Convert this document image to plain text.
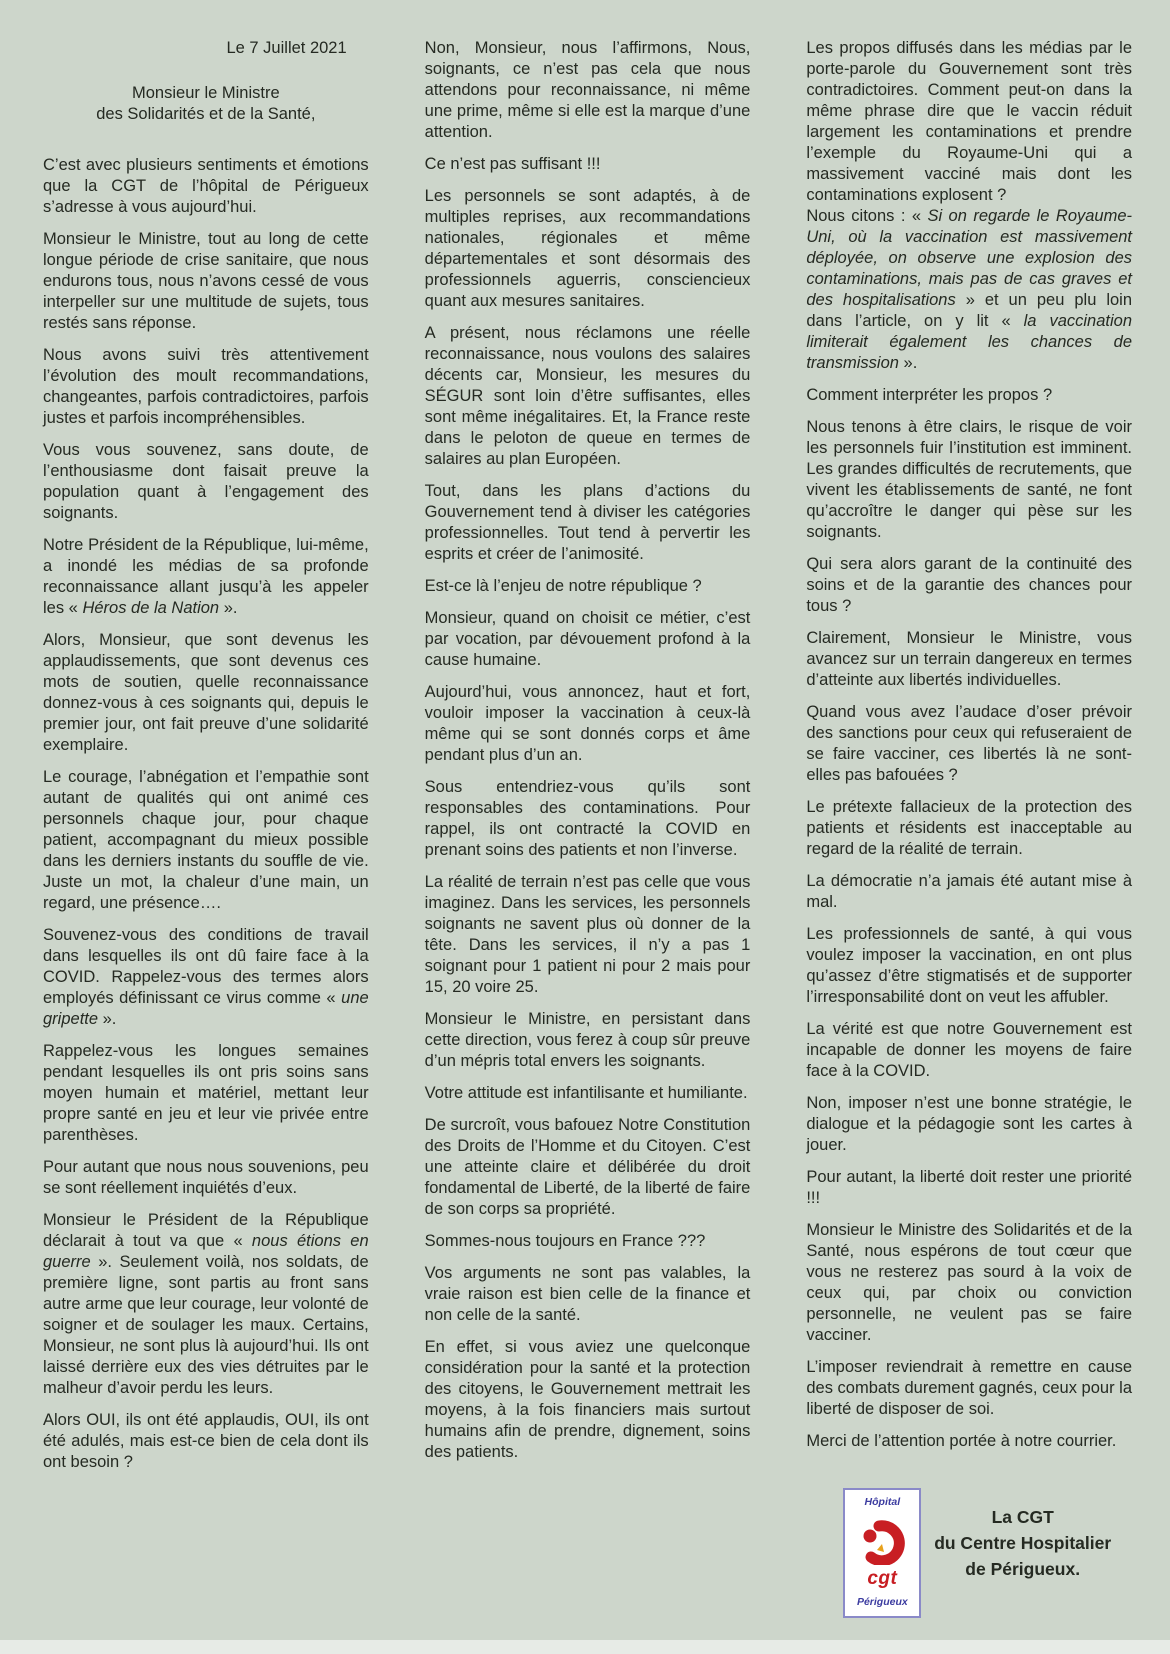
Le 7 Juillet 2021
Monsieur le Ministre
des Solidarités et de la Santé,

C’est avec plusieurs sentiments et émotions que la CGT de l’hôpital de Périgueux s’adresse à vous aujourd’hui.

Monsieur le Ministre, tout au long de cette longue période de crise sanitaire, que nous endurons tous, nous n’avons cessé de vous interpeller sur une multitude de sujets, tous restés sans réponse.

Nous avons suivi très attentivement l’évolution des moult recommandations, changeantes, parfois contradictoires, parfois justes et parfois incompréhensibles.

Vous vous souvenez, sans doute, de l’enthousiasme dont faisait preuve la population quant à l’engagement des soignants.

Notre Président de la République, lui-même, a inondé les médias de sa profonde reconnaissance allant jusqu’à les appeler les « Héros de la Nation ».

Alors, Monsieur, que sont devenus les applaudissements, que sont devenus ces mots de soutien, quelle reconnaissance donnez-vous à ces soignants qui, depuis le premier jour, ont fait preuve d’une solidarité exemplaire.

Le courage, l’abnégation et l’empathie sont autant de qualités qui ont animé ces personnels chaque jour, pour chaque patient, accompagnant du mieux possible dans les derniers instants du souffle de vie. Juste un mot, la chaleur d’une main, un regard, une présence….

Souvenez-vous des conditions de travail dans lesquelles ils ont dû faire face à la COVID. Rappelez-vous des termes alors employés définissant ce virus comme « une gripette ».

Rappelez-vous les longues semaines pendant lesquelles ils ont pris soins sans moyen humain et matériel, mettant leur propre santé en jeu et leur vie privée entre parenthèses.

Pour autant que nous nous souvenions, peu se sont réellement inquiétés d’eux.

Monsieur le Président de la République déclarait à tout va que « nous étions en guerre ». Seulement voilà, nos soldats, de première ligne, sont partis au front sans autre arme que leur courage, leur volonté de soigner et de soulager les maux. Certains, Monsieur, ne sont plus là aujourd’hui. Ils ont laissé derrière eux des vies détruites par le malheur d’avoir perdu les leurs.

Alors OUI, ils ont été applaudis, OUI, ils ont été adulés, mais est-ce bien de cela dont ils ont besoin ?

Non, Monsieur, nous l’affirmons, Nous, soignants, ce n’est pas cela que nous attendons pour reconnaissance, ni même une prime, même si elle est la marque d’une attention.

Ce n’est pas suffisant !!!

Les personnels se sont adaptés, à de multiples reprises, aux recommandations nationales, régionales et même départementales et sont désormais des professionnels aguerris, consciencieux quant aux mesures sanitaires.

A présent, nous réclamons une réelle reconnaissance, nous voulons des salaires décents car, Monsieur, les mesures du SÉGUR sont loin d’être suffisantes, elles sont même inégalitaires. Et, la France reste dans le peloton de queue en termes de salaires au plan Européen.

Tout, dans les plans d’actions du Gouvernement tend à diviser les catégories professionnelles. Tout tend à pervertir les esprits et créer de l’animosité.

Est-ce là l’enjeu de notre république ?

Monsieur, quand on choisit ce métier, c’est par vocation, par dévouement profond à la cause humaine.

Aujourd’hui, vous annoncez, haut et fort, vouloir imposer la vaccination à ceux-là même qui se sont donnés corps et âme pendant plus d’un an.

Sous entendriez-vous qu’ils sont responsables des contaminations. Pour rappel, ils ont contracté la COVID en prenant soins des patients et non l’inverse.

La réalité de terrain n’est pas celle que vous imaginez. Dans les services, les personnels soignants ne savent plus où donner de la tête. Dans les services, il n’y a pas 1 soignant pour 1 patient ni pour 2 mais pour 15, 20 voire 25.

Monsieur le Ministre, en persistant dans cette direction, vous ferez à coup sûr preuve d’un mépris total envers les soignants.

Votre attitude est infantilisante et humiliante.

De surcroît, vous bafouez Notre Constitution des Droits de l’Homme et du Citoyen. C’est une atteinte claire et délibérée du droit fondamental de Liberté, de la liberté de faire de son corps sa propriété.

Sommes-nous toujours en France ???

Vos arguments ne sont pas valables, la vraie raison est bien celle de la finance et non celle de la santé.

En effet, si vous aviez une quelconque considération pour la santé et la protection des citoyens, le Gouvernement mettrait les moyens, à la fois financiers mais surtout humains afin de prendre, dignement, soins des patients.

Les propos diffusés dans les médias par le porte-parole du Gouvernement sont très contradictoires. Comment peut-on dans la même phrase dire que le vaccin réduit largement les contaminations et prendre l’exemple du Royaume-Uni qui a massivement vacciné mais dont les contaminations explosent ?

Nous citons : « Si on regarde le Royaume-Uni, où la vaccination est massivement déployée, on observe une explosion des contaminations, mais pas de cas graves et des hospitalisations » et un peu plu loin dans l’article, on y lit « la vaccination limiterait également les chances de transmission ».

Comment interpréter les propos ?

Nous tenons à être clairs, le risque de voir les personnels fuir l’institution est imminent. Les grandes difficultés de recrutements, que vivent les établissements de santé, ne font qu’accroître le danger qui pèse sur les soignants.

Qui sera alors garant de la continuité des soins et de la garantie des chances pour tous ?

Clairement, Monsieur le Ministre, vous avancez sur un terrain dangereux en termes d’atteinte aux libertés individuelles.

Quand vous avez l’audace d’oser prévoir des sanctions pour ceux qui refuseraient de se faire vacciner, ces libertés là ne sont-elles pas bafouées ?

Le prétexte fallacieux de la protection des patients et résidents est inacceptable au regard de la réalité de terrain.

La démocratie n’a jamais été autant mise à mal.

Les professionnels de santé, à qui vous voulez imposer la vaccination, en ont plus qu’assez d’être stigmatisés et de supporter l’irresponsabilité dont on veut les affubler.

La vérité est que notre Gouvernement est incapable de donner les moyens de faire face à la COVID.

Non, imposer n’est une bonne stratégie, le dialogue et la pédagogie sont les cartes à jouer.

Pour autant, la liberté doit rester une priorité !!!

Monsieur le Ministre des Solidarités et de la Santé, nous espérons de tout cœur que vous ne resterez pas sourd à la voix de ceux qui, par choix ou conviction personnelle, ne veulent pas se faire vacciner.

L’imposer reviendrait à remettre en cause des combats durement gagnés, ceux pour la liberté de disposer de soi.

Merci de l’attention portée à notre courrier.

Hôpital
cgt
Périgueux
La CGT
du Centre Hospitalier
de Périgueux.
